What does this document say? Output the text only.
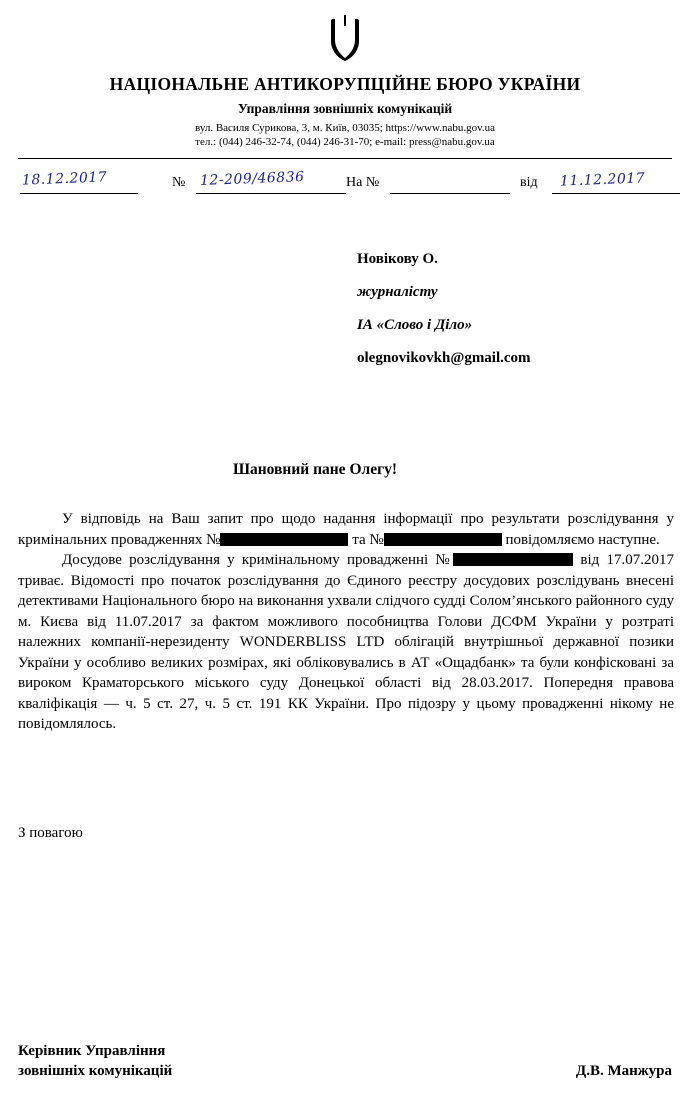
НАЦІОНАЛЬНЕ АНТИКОРУПЦІЙНЕ БЮРО УКРАЇНИ
Управління зовнішніх комунікацій
вул. Василя Сурикова, 3, м. Київ, 03035; https://www.nabu.gov.ua
тел.: (044) 246-32-74, (044) 246-31-70; e-mail: press@nabu.gov.ua
18.12.2017	№ 12-209/46836	На №	від 11.12.2017
Новікову О.
журналісту
ІА «Слово і Діло»
olegnovikovkh@gmail.com
Шановний пане Олегу!

У відповідь на Ваш запит про щодо надання інформації про результати розслідування у кримінальних провадженнях №	та №	повідомляємо наступне.

Досудове розслідування у кримінальному провадженні №	від 17.07.2017 триває. Відомості про початок розслідування до Єдиного реєстру досудових розслідувань внесені детективами Національного бюро на виконання ухвали слідчого судді Солом’янського районного суду м. Києва від 11.07.2017 за фактом можливого пособництва Голови ДСФМ України у розтраті належних компанії-нерезиденту WONDERBLISS LTD облігацій внутрішньої державної позики України у особливо великих розмірах, які обліковувались в АТ «Ощадбанк» та були конфісковані за вироком Краматорського міського суду Донецької області від 28.03.2017. Попередня правова кваліфікація — ч. 5 ст. 27, ч. 5 ст. 191 КК України. Про підозру у цьому провадженні нікому не повідомлялось.

З повагою
Керівник Управління
зовнішніх комунікацій	Д.В. Манжура
